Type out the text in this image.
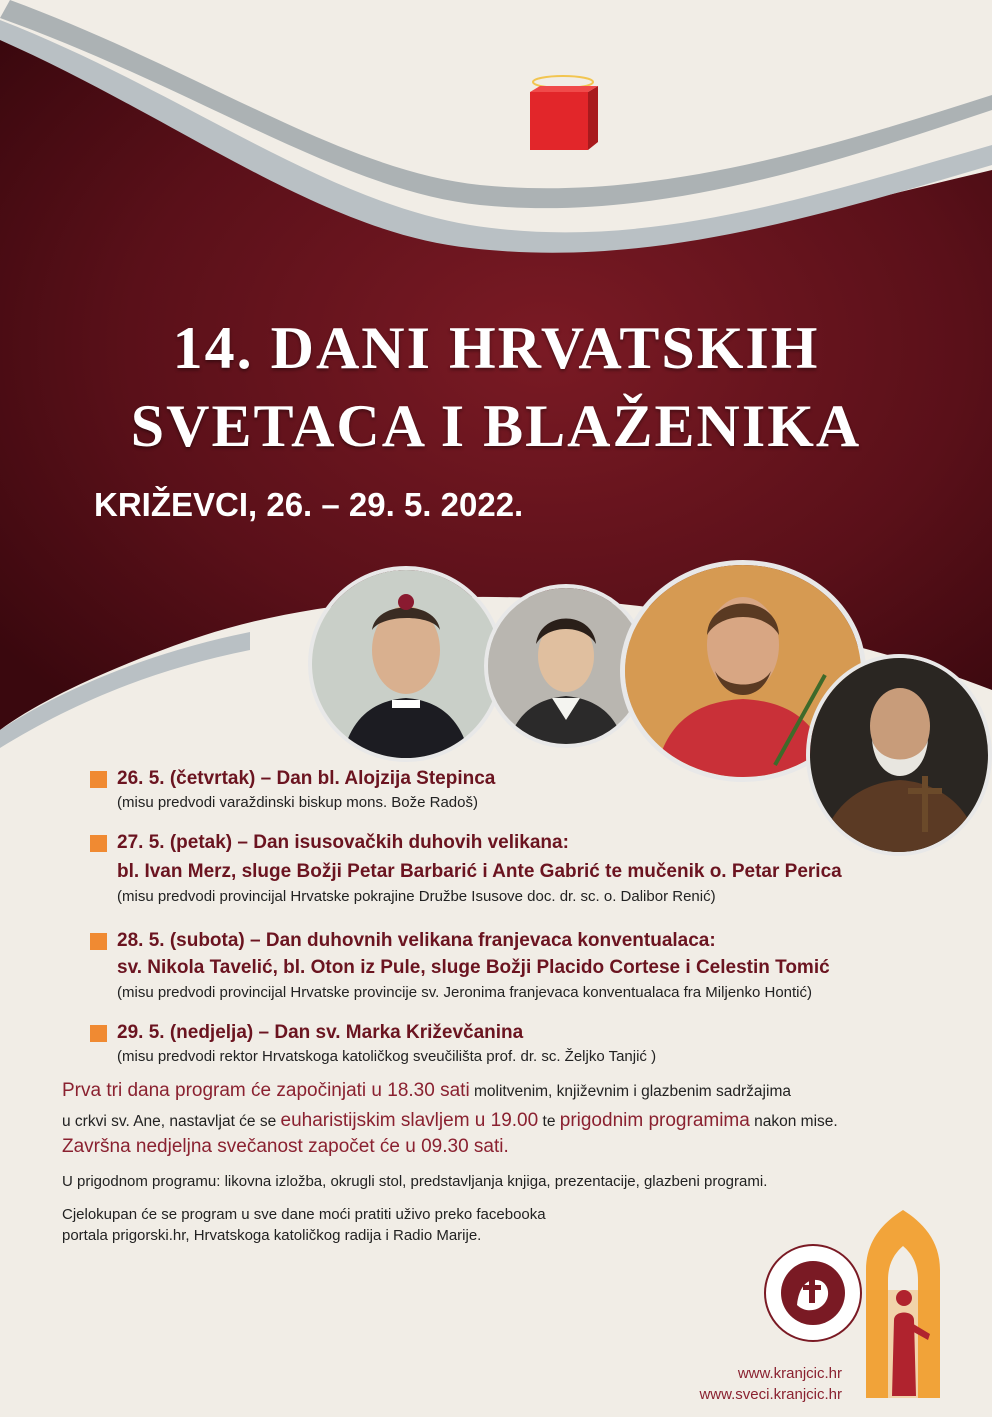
14. DANI HRVATSKIH
SVETACA I BLAŽENIKA
KRIŽEVCI, 26. – 29. 5. 2022.
26. 5. (četvrtak) – Dan bl. Alojzija Stepinca
(misu predvodi varaždinski biskup mons. Bože Radoš)
27. 5. (petak) – Dan isusovačkih duhovih velikana:
bl. Ivan Merz, sluge Božji Petar Barbarić i Ante Gabrić te mučenik o. Petar Perica
(misu predvodi provincijal Hrvatske pokrajine Družbe Isusove doc. dr. sc. o. Dalibor Renić)
28. 5. (subota) – Dan duhovnih velikana franjevaca konventualaca:
sv. Nikola Tavelić, bl. Oton iz Pule, sluge Božji Placido Cortese i Celestin Tomić
(misu predvodi provincijal Hrvatske provincije sv. Jeronima franjevaca konventualaca fra Miljenko Hontić)
29. 5. (nedjelja) – Dan sv. Marka Križevčanina
(misu predvodi rektor Hrvatskoga katoličkog sveučilišta prof. dr. sc. Željko Tanjić )
Prva tri dana program će započinjati u 18.30 sati molitvenim, književnim i glazbenim sadržajima
u crkvi sv. Ane, nastavljat će se euharistijskim slavljem u 19.00 te prigodnim programima nakon mise.
Završna nedjeljna svečanost započet će u 09.30 sati.
U prigodnom programu: likovna izložba, okrugli stol, predstavljanja knjiga, prezentacije, glazbeni programi.
Cjelokupan će se program u sve dane moći pratiti uživo preko facebooka
portala prigorski.hr, Hrvatskoga katoličkog radija i Radio Marije.
www.kranjcic.hr
www.sveci.kranjcic.hr
